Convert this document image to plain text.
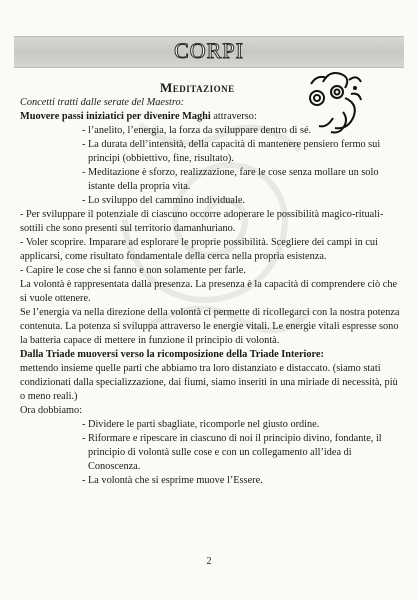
CORPI
Meditazione

Concetti tratti dalle serate del Maestro:

Muovere passi iniziatici per divenire Maghi attraverso:

- l’anelito, l’energia, la forza da sviluppare dentro di sé.

- La durata dell’intensità, della capacità di mantenere pensiero fermo sui principi (obbiettivo, fine, risultato).

- Meditazione è sforzo, realizzazione, fare le cose senza mollare un solo istante della propria vita.

- Lo sviluppo del cammino individuale.

- Per sviluppare il potenziale di ciascuno occorre adoperare le possibilità magico-rituali-sottili che sono presenti sul territorio damanhuriano.

- Voler scoprire. Imparare ad esplorare le proprie possibilità. Scegliere dei campi in cui applicarsi, come risultato fondamentale della cerca nella propria esistenza.

- Capire le cose che si fanno e non solamente per farle.

La volontà è rappresentata dalla presenza. La presenza è la capacità di comprendere ciò che si vuole ottenere.

Se l’energia va nella direzione della volontà ci permette di ricollegarci con la nostra potenza contenuta. La potenza si sviluppa attraverso le energie vitali. Le energie vitali espresse sono la batteria capace di mettere in funzione il principio di volontà.

Dalla Triade muoversi verso la ricomposizione della Triade Interiore:

mettendo insieme quelle parti che abbiamo tra loro distanziato e distaccato. (siamo stati condizionati dalla specializzazione, dai fiumi, siamo inseriti in una miriade di necessità, più o meno reali.)

Ora dobbiamo:

- Dividere le parti sbagliate, ricomporle nel giusto ordine.

- Riformare e ripescare in ciascuno di noi il principio divino, fondante, il principio di volontà sulle cose e con un collegamento all’idea di Conoscenza.

- La volontà che si esprime muove l’Essere.

2
